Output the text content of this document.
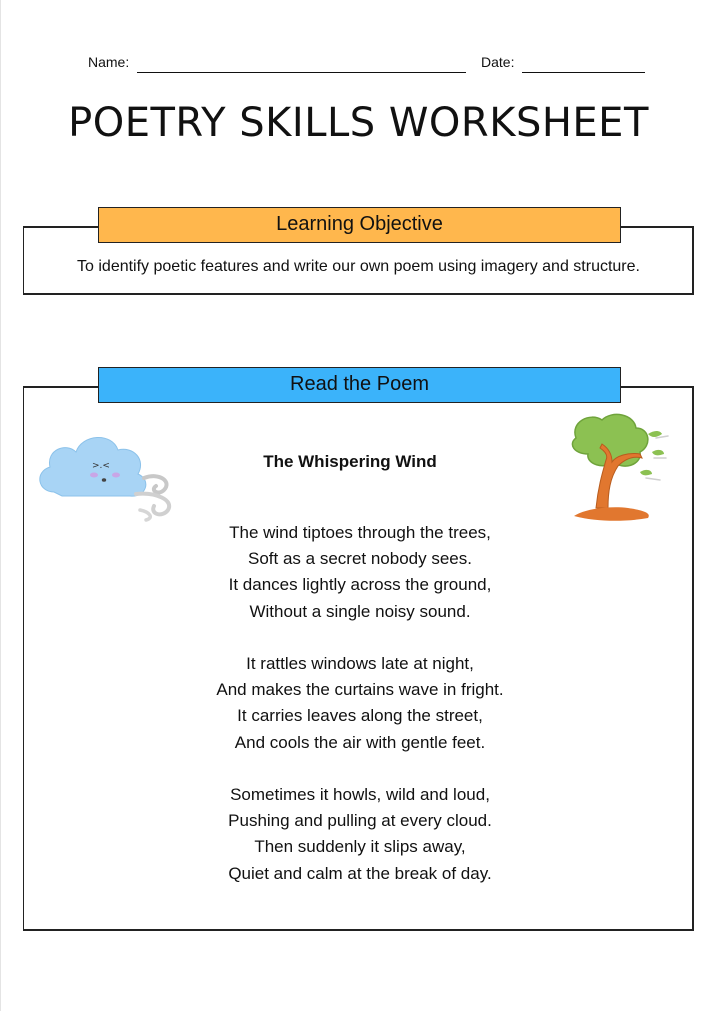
Name:	Date:
POETRY SKILLS WORKSHEET
Learning Objective
To identify poetic features and write our own poem using imagery and structure.
Read the Poem
>.<	The Whispering Wind
The wind tiptoes through the trees,
Soft as a secret nobody sees.
It dances lightly across the ground,
Without a single noisy sound.
It rattles windows late at night,
And makes the curtains wave in fright.
It carries leaves along the street,
And cools the air with gentle feet.
Sometimes it howls, wild and loud,
Pushing and pulling at every cloud.
Then suddenly it slips away,
Quiet and calm at the break of day.
